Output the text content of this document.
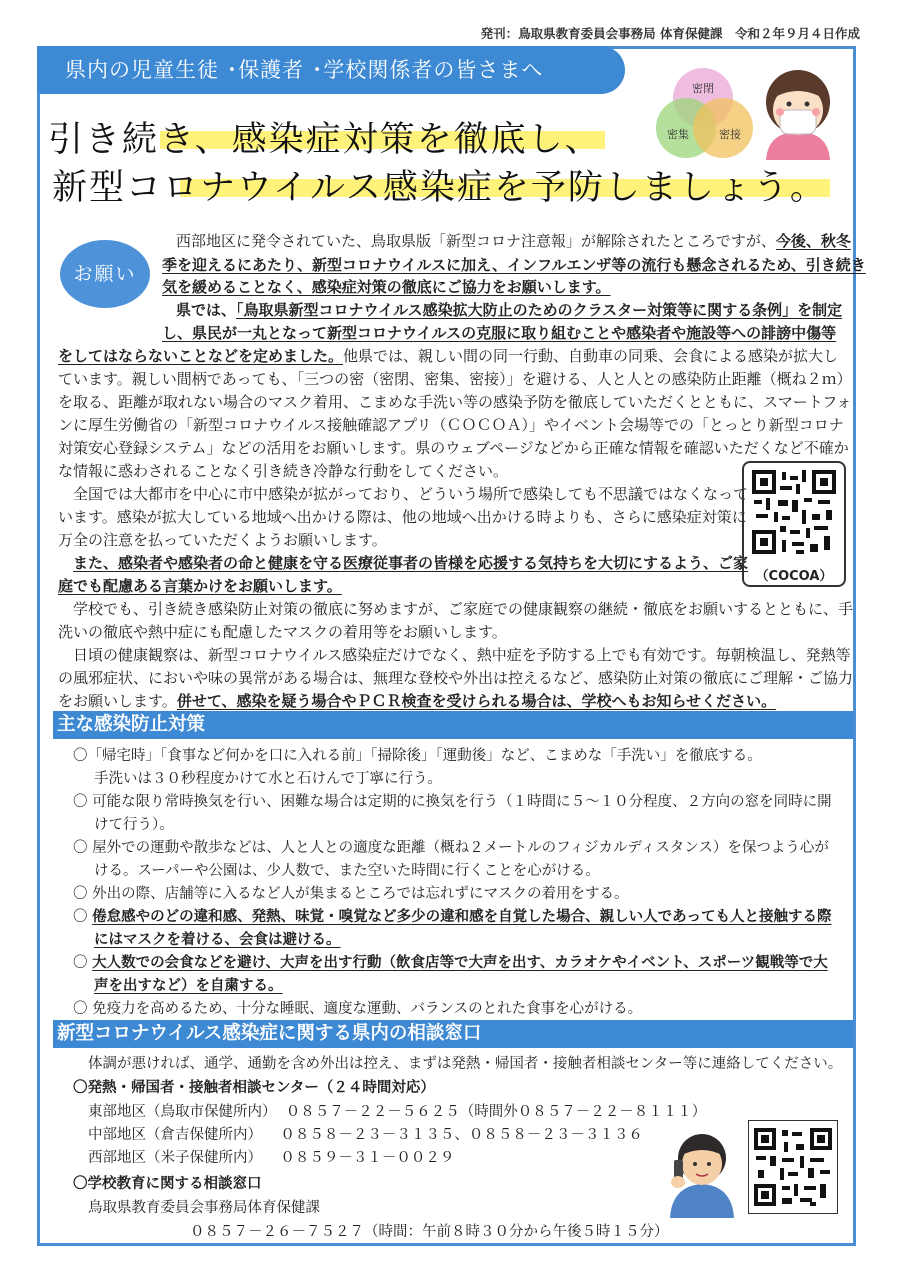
発刊：鳥取県教育委員会事務局 体育保健課　令和２年９月４日作成
県内の児童生徒 ･保護者 ･学校関係者の皆さまへ
密閉
密集	密接
引き続き、感染症対策を徹底し、
新型コロナウイルス感染症を予防しましょう。
お願い
西部地区に発令されていた、鳥取県版「新型コロナ注意報」が解除されたところですが、今後、秋冬
季を迎えるにあたり、新型コロナウイルスに加え、インフルエンザ等の流行も懸念されるため、引き続き
気を緩めることなく、感染症対策の徹底にご協力をお願いします。
県では、「鳥取県新型コロナウイルス感染拡大防止のためのクラスター対策等に関する条例」を制定
し、県民が一丸となって新型コロナウイルスの克服に取り組むことや感染者や施設等への誹謗中傷等
をしてはならないことなどを定めました。他県では、親しい間の同一行動、自動車の同乗、会食による感染が拡大し
ています。親しい間柄であっても、「三つの密（密閉、密集、密接）」を避ける、人と人との感染防止距離（概ね２ｍ）
を取る、距離が取れない場合のマスク着用、こまめな手洗い等の感染予防を徹底していただくとともに、スマートフォ
ンに厚生労働省の「新型コロナウイルス接触確認アプリ（ＣＯＣＯＡ）」やイベント会場等での「とっとり新型コロナ
対策安心登録システム」などの活用をお願いします。県のウェブページなどから正確な情報を確認いただくなど不確か
な情報に惑わされることなく引き続き冷静な行動をしてください。
全国では大都市を中心に市中感染が拡がっており、どういう場所で感染しても不思議ではなくなって
います。感染が拡大している地域へ出かける際は、他の地域へ出かける時よりも、さらに感染症対策に
万全の注意を払っていただくようお願いします。
また、感染者や感染者の命と健康を守る医療従事者の皆様を応援する気持ちを大切にするよう、ご家
庭でも配慮ある言葉かけをお願いします。
（COCOA）
学校でも、引き続き感染防止対策の徹底に努めますが、ご家庭での健康観察の継続・徹底をお願いするとともに、手
洗いの徹底や熱中症にも配慮したマスクの着用等をお願いします。
日頃の健康観察は、新型コロナウイルス感染症だけでなく、熱中症を予防する上でも有効です。毎朝検温し、発熱等
の風邪症状、においや味の異常がある場合は、無理な登校や外出は控えるなど、感染防止対策の徹底にご理解・ご協力
をお願いします。併せて、感染を疑う場合やＰＣＲ検査を受けられる場合は、学校へもお知らせください。
主な感染防止対策
〇「帰宅時」「食事など何かを口に入れる前」「掃除後」「運動後」など、こまめな「手洗い」を徹底する。
手洗いは３０秒程度かけて水と石けんで丁寧に行う。
〇 可能な限り常時換気を行い、困難な場合は定期的に換気を行う（１時間に５～１０分程度、２方向の窓を同時に開
けて行う）。
〇 屋外での運動や散歩などは、人と人との適度な距離（概ね２メートルのフィジカルディスタンス）を保つよう心が
ける。スーパーや公園は、少人数で、また空いた時間に行くことを心がける。
〇 外出の際、店舗等に入るなど人が集まるところでは忘れずにマスクの着用をする。
〇 倦怠感やのどの違和感、発熱、味覚・嗅覚など多少の違和感を自覚した場合、親しい人であっても人と接触する際
にはマスクを着ける、会食は避ける。
〇 大人数での会食などを避け、大声を出す行動（飲食店等で大声を出す、カラオケやイベント、スポーツ観戦等で大
声を出すなど）を自粛する。
〇 免疫力を高めるため、十分な睡眠、適度な運動、バランスのとれた食事を心がける。
新型コロナウイルス感染症に関する県内の相談窓口
体調が悪ければ、通学、通勤を含め外出は控え、まずは発熱・帰国者・接触者相談センター等に連絡してください。
〇発熱・帰国者・接触者相談センター（２４時間対応）
東部地区（鳥取市保健所内）  ０８５７－２２－５６２５（時間外０８５７－２２－８１１１）
中部地区（倉吉保健所内）    ０８５８－２３－３１３５、０８５８－２３－３１３６
西部地区（米子保健所内）    ０８５９－３１－００２９
〇学校教育に関する相談窓口
鳥取県教育委員会事務局体育保健課
０８５７－２６－７５２７（時間：午前８時３０分から午後５時１５分）
